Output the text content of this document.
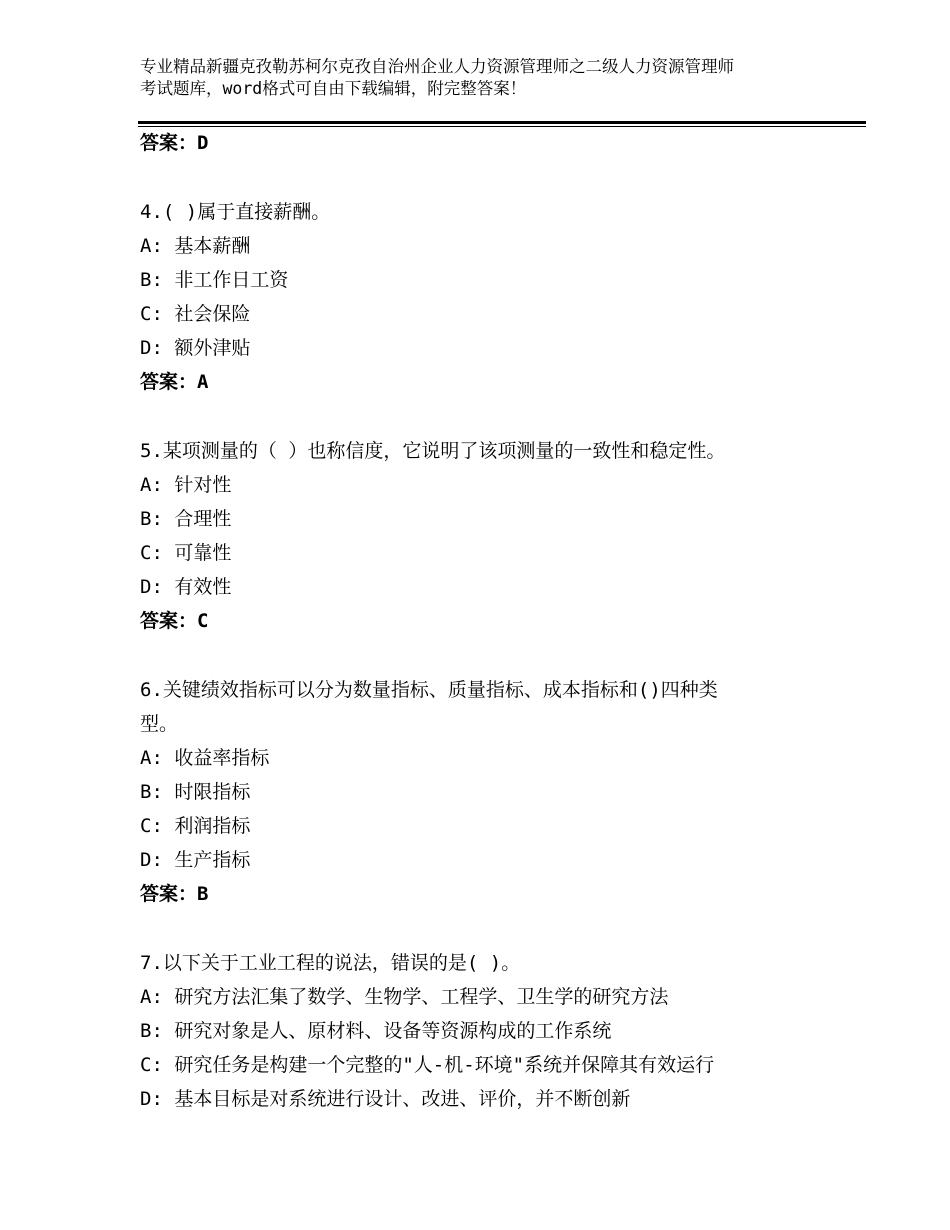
专业精品新疆克孜勒苏柯尔克孜自治州企业人力资源管理师之二级人力资源管理师
考试题库，word格式可自由下载编辑，附完整答案！
答案：D
4.( )属于直接薪酬。
A: 基本薪酬
B: 非工作日工资
C: 社会保险
D: 额外津贴
答案：A
5.某项测量的（ ）也称信度，它说明了该项测量的一致性和稳定性。
A: 针对性
B: 合理性
C: 可靠性
D: 有效性
答案：C
6.关键绩效指标可以分为数量指标、质量指标、成本指标和()四种类
型。
A: 收益率指标
B: 时限指标
C: 利润指标
D: 生产指标
答案：B
7.以下关于工业工程的说法，错误的是( )。
A: 研究方法汇集了数学、生物学、工程学、卫生学的研究方法
B: 研究对象是人、原材料、设备等资源构成的工作系统
C: 研究任务是构建一个完整的"人-机-环境"系统并保障其有效运行
D: 基本目标是对系统进行设计、改进、评价，并不断创新
